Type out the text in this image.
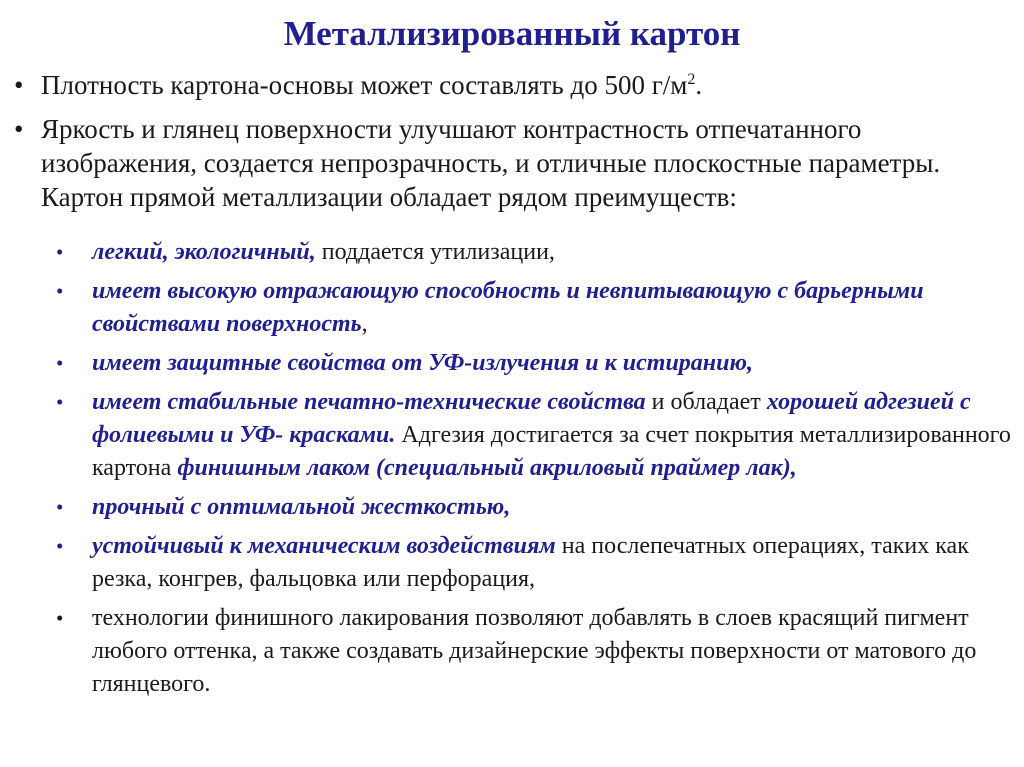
Металлизированный картон
• Плотность картона-основы может составлять до 500 $г/м^2$.
• Яркость и глянец поверхности улучшают контрастность отпечатанного изображения, создается непрозрачность, и отличные плоскостные параметры. Картон прямой металлизации обладает рядом преимуществ:
• легкий, экологичный, поддается утилизации,
• имеет высокую отражающую способность и невпитывающую с барьерными свойствами поверхность,
• имеет защитные свойства от УФ-излучения и к истиранию,
• имеет стабильные печатно-технические свойства и обладает хорошей адгезией с фолиевыми и УФ- красками. Адгезия достигается за счет покрытия металлизированного картона финишным лаком (специальный акриловый праймер лак),
• прочный с оптимальной жесткостью,
• устойчивый к механическим воздействиям на послепечатных операциях, таких как резка, конгрев, фальцовка или перфорация,
• технологии финишного лакирования позволяют добавлять в слоев красящий пигмент любого оттенка, а также создавать дизайнерские эффекты поверхности от матового до глянцевого.
